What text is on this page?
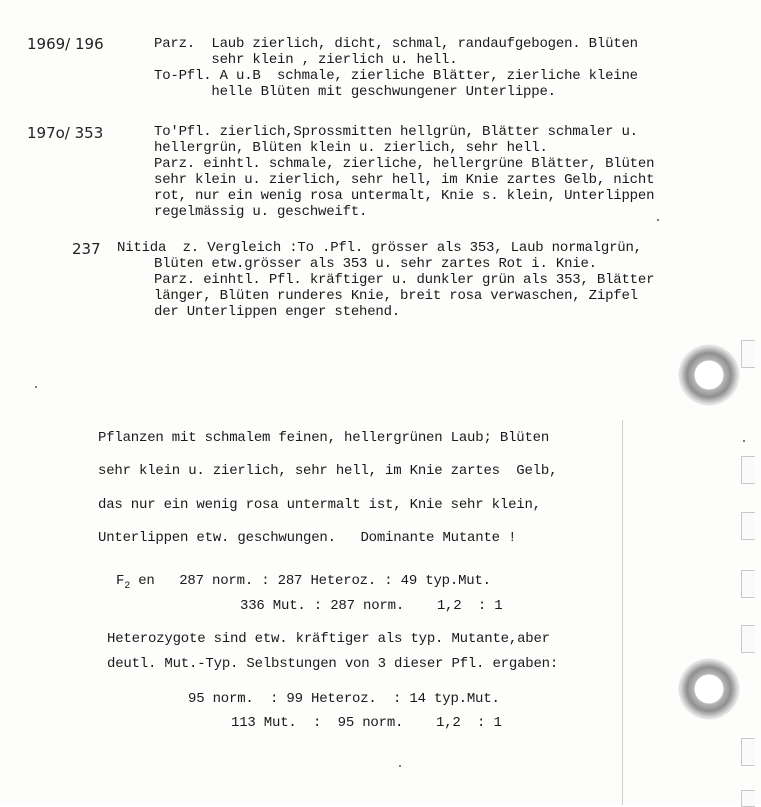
1969/ 196	Parz.  Laub zierlich, dicht, schmal, randaufgebogen. Blüten
sehr klein , zierlich u. hell.
To-Pfl. A u.B  schmale, zierliche Blätter, zierliche kleine
helle Blüten mit geschwungener Unterlippe.
197o/ 353	To'Pfl. zierlich,Sprossmitten hellgrün, Blätter schmaler u.
hellergrün, Blüten klein u. zierlich, sehr hell.
Parz. einhtl. schmale, zierliche, hellergrüne Blätter, Blüten
sehr klein u. zierlich, sehr hell, im Knie zartes Gelb, nicht
rot, nur ein wenig rosa untermalt, Knie s. klein, Unterlippen
regelmässig u. geschweift.
237 Nitida  z. Vergleich :To .Pfl. grösser als 353, Laub normalgrün,
Blüten etw.grösser als 353 u. sehr zartes Rot i. Knie.
Parz. einhtl. Pfl. kräftiger u. dunkler grün als 353, Blätter
länger, Blüten runderes Knie, breit rosa verwaschen, Zipfel
der Unterlippen enger stehend.
Pflanzen mit schmalem feinen, hellergrünen Laub; Blüten
sehr klein u. zierlich, sehr hell, im Knie zartes  Gelb,
das nur ein wenig rosa untermalt ist, Knie sehr klein,
Unterlippen etw. geschwungen.   Dominante Mutante !
$F_2$ en   287 norm. : 287 Heteroz. : 49 typ.Mut.
336 Mut. : 287 norm.    1,2  : 1
Heterozygote sind etw. kräftiger als typ. Mutante,aber
deutl. Mut.-Typ. Selbstungen von 3 dieser Pfl. ergaben:
95 norm.  : 99 Heteroz.  : 14 typ.Mut.
113 Mut.  :  95 norm.    1,2  : 1
